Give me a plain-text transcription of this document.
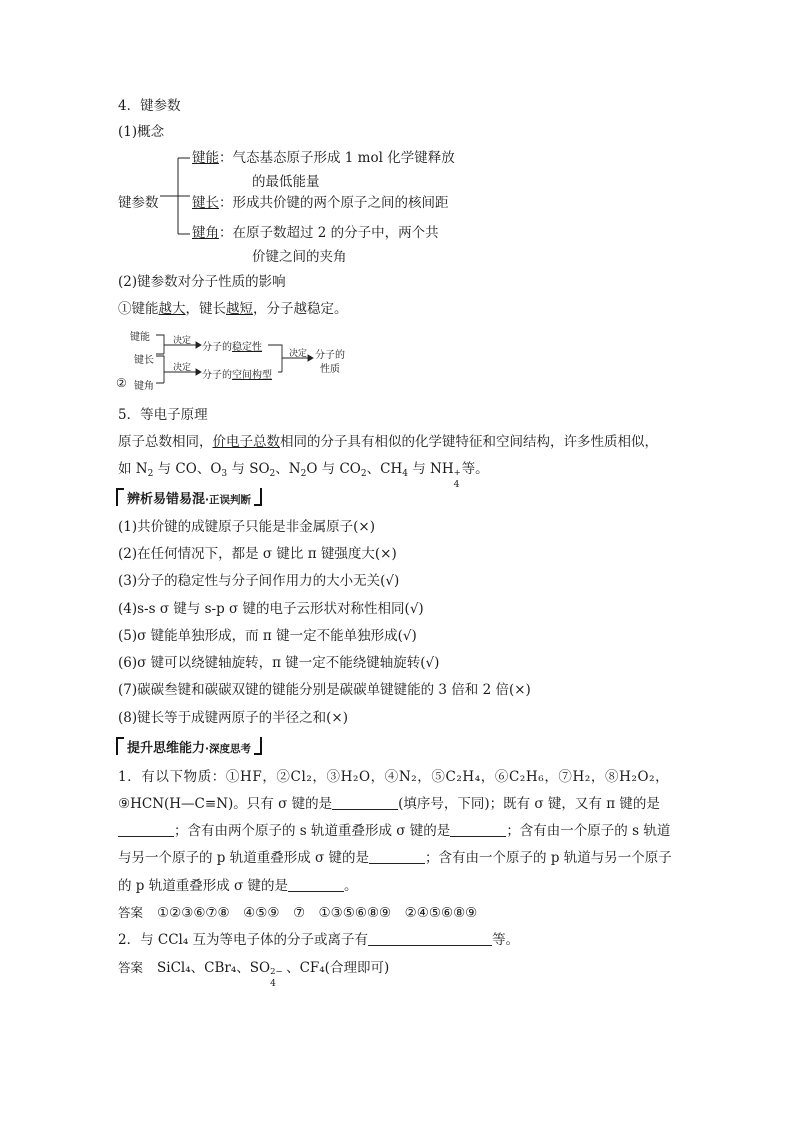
4．键参数
(1)概念
键参数
键能：气态基态原子形成 1 mol 化学键释放
的最低能量
键长：形成共价键的两个原子之间的核间距
键角：在原子数超过 2 的分子中，两个共
价键之间的夹角
(2)键参数对分子性质的影响
①键能越大，键长越短，分子越稳定。
键能
键长
② 键角
决定
决定
分子的稳定性
分子的空间构型
决定 分子的
性质
5．等电子原理
原子总数相同，价电子总数相同的分子具有相似的化学键特征和空间结构，许多性质相似，
如 $N_2$ 与 CO、$O_3$ 与 $SO_2$、$N_2O$ 与 $CO_2$、$CH_4$ 与 NH +
4
等。
辨析易错易混·正误判断
(1)共价键的成键原子只能是非金属原子(×)
(2)在任何情况下，都是 σ 键比 π 键强度大(×)
(3)分子的稳定性与分子间作用力的大小无关(√)
(4)s-s σ 键与 s-p σ 键的电子云形状对称性相同(√)
(5)σ 键能单独形成，而 π 键一定不能单独形成(√)
(6)σ 键可以绕键轴旋转，π 键一定不能绕键轴旋转(√)
(7)碳碳叁键和碳碳双键的键能分别是碳碳单键键能的 3 倍和 2 倍(×)
(8)键长等于成键两原子的半径之和(×)
提升思维能力·深度思考
1．有以下物质：①HF，②Cl₂，③H₂O，④N₂，⑤C₂H₄，⑥C₂H₆，⑦H₂，⑧H₂O₂，
⑨HCN(H—C≡N)。只有 σ 键的是	(填序号，下同)；既有 σ 键，又有 π 键的是
；含有由两个原子的 s 轨道重叠形成 σ 键的是	；含有由一个原子的 s 轨道
与另一个原子的 p 轨道重叠形成 σ 键的是	；含有由一个原子的 p 轨道与另一个原子
的 p 轨道重叠形成 σ 键的是	。
答案 ①②③⑥⑦⑧　④⑤⑨　⑦　①③⑤⑥⑧⑨　②④⑤⑥⑧⑨
2．与 CCl₄ 互为等电子体的分子或离子有	等。
答案 SiCl₄、CBr₄、SO 2−
4
、CF₄(合理即可)
